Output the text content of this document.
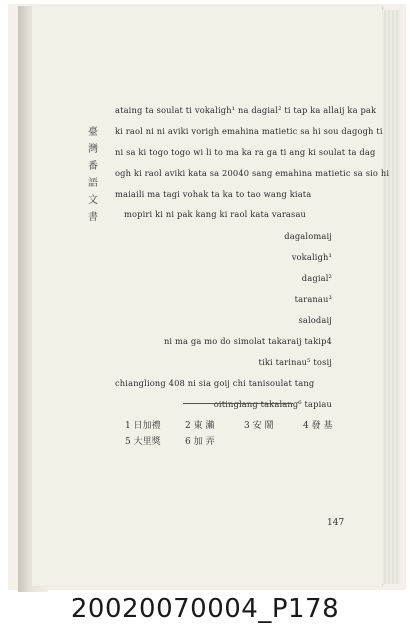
臺灣番語文書
ataing ta soulat ti vokaligh¹ na dagial² ti tap ka allaij ka pak
ki raol ni ni aviki vorigh emahina matietic sa hi sou dagogh ti
ni sa ki togo togo wi li to ma ka ra ga ti ang ki soulat ta dag
ogh ki raol aviki kata sa 20040 sang emahina matietic sa sio hi
maiaili ma tagi vohak ta ka to tao wang kiata
mopiri ki ni pak kang ki raol kata varasau
dagalomaij
vokaligh¹
dagial²
taranau³
salodaij
ni ma ga mo do simolat takaraij takip4
tiki tarinau⁵ tosij
chiangliong 408 ni sia goij chi tanisoulat tang
oitinglang takalang⁶ tapiau
1 日加禮	2 東 瀨	3 安 鬧	4 發 基
5 大里獎	6 加 弄
147
20020070004_P178
